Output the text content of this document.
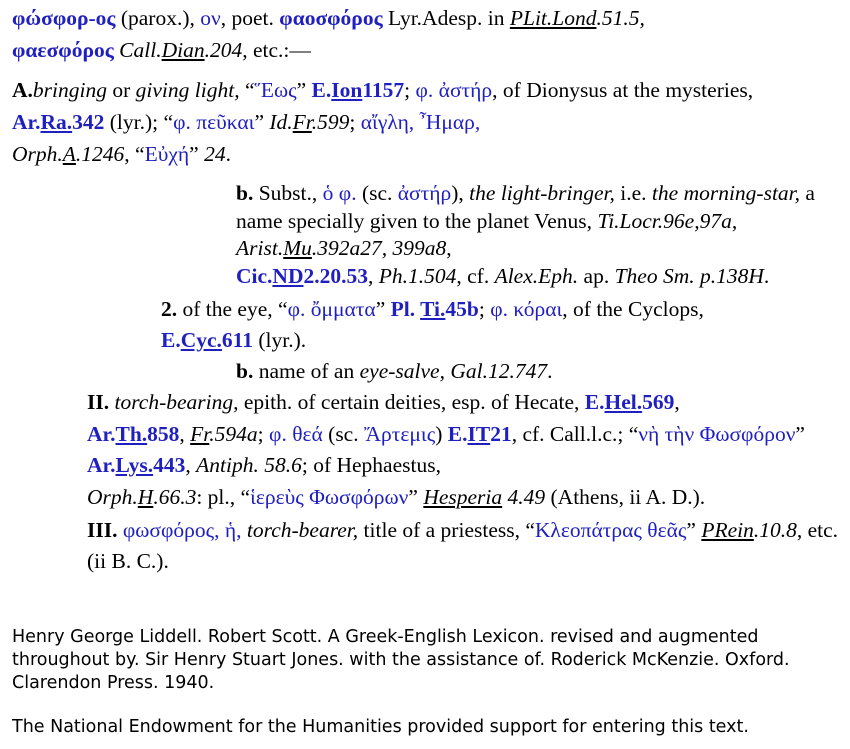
φώσφορ-ος (parox.), ον, poet. φαοσφόρος Lyr.Adesp. in PLit.Lond.51.5,
φαεσφόρος Call.Dian.204, etc.:—

A.bringing or giving light, “Ἕως” E.Ion1157; φ. ἀστήρ, of Dionysus at the mysteries, Ar.Ra.342 (lyr.); “φ. πεῦκαι” Id.Fr.599; αἴγλη, Ἦμαρ,
Orph.A.1246, “Εὐχή” 24.

b. Subst., ὁ φ. (sc. ἀστήρ), the light-bringer, i.e. the morning-star, a name specially given to the planet Venus, Ti.Locr.96e,97a, Arist.Mu.392a27, 399a8,
Cic.ND2.20.53, Ph.1.504, cf. Alex.Eph. ap. Theo Sm. p.138H.

2. of the eye, “φ. ὄμματα” Pl. Ti.45b; φ. κόραι, of the Cyclops,
E.Cyc.611 (lyr.).

b. name of an eye-salve, Gal.12.747.

II. torch-bearing, epith. of certain deities, esp. of Hecate, E.Hel.569,
Ar.Th.858, Fr.594a; φ. θεά (sc. Ἄρτεμις) E.IT21, cf. Call.l.c.; “νὴ τὴν Φωσφόρον” Ar.Lys.443, Antiph. 58.6; of Hephaestus,
Orph.H.66.3: pl., “ἱερεὺς Φωσφόρων” Hesperia 4.49 (Athens, ii A. D.).

III. φωσφόρος, ἡ, torch-bearer, title of a priestess, “Κλεοπάτρας θεᾶς” PRein.10.8, etc. (ii B. C.).

Henry George Liddell. Robert Scott. A Greek-English Lexicon. revised and augmented throughout by. Sir Henry Stuart Jones. with the assistance of. Roderick McKenzie. Oxford. Clarendon Press. 1940.

The National Endowment for the Humanities provided support for entering this text.
